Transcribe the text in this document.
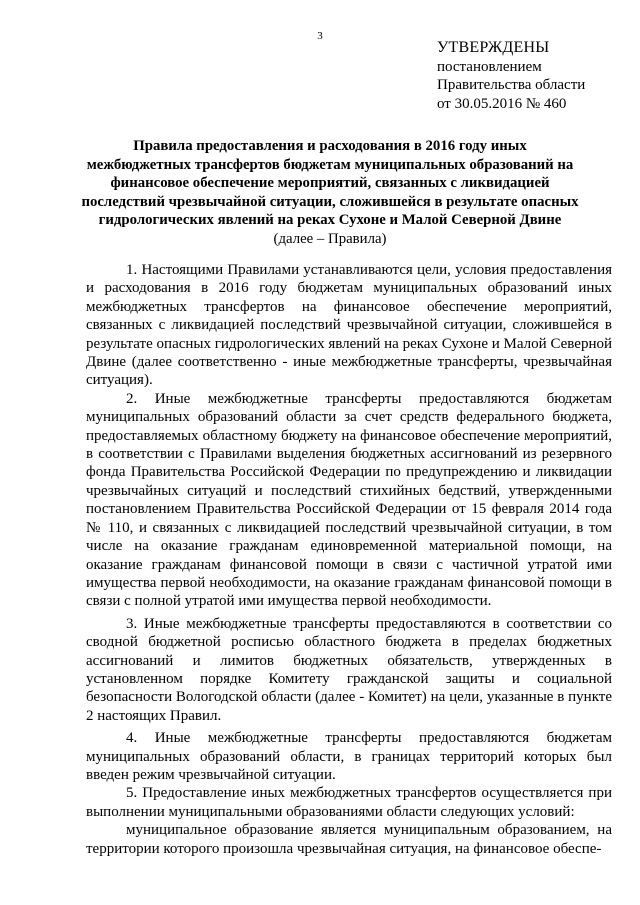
3
УТВЕРЖДЕНЫ
постановлением
Правительства области
от 30.05.2016 № 460
Правила предоставления и расходования в 2016 году иных
межбюджетных трансфертов бюджетам муниципальных образований на
финансовое обеспечение мероприятий, связанных с ликвидацией
последствий чрезвычайной ситуации, сложившейся в результате опасных
гидрологических явлений на реках Сухоне и Малой Северной Двине
(далее – Правила)

1. Настоящими Правилами устанавливаются цели, условия предоставления и расходования в 2016 году бюджетам муниципальных образований иных межбюджетных трансфертов на финансовое обеспечение мероприятий, связанных с ликвидацией последствий чрезвычайной ситуации, сложившейся в результате опасных гидрологических явлений на реках Сухоне и Малой Северной Двине (далее соответственно - иные межбюджетные трансферты, чрезвычайная ситуация).

2. Иные межбюджетные трансферты предоставляются бюджетам муниципальных образований области за счет средств федерального бюджета, предоставляемых областному бюджету на финансовое обеспечение мероприятий, в соответствии с Правилами выделения бюджетных ассигнований из резервного фонда Правительства Российской Федерации по предупреждению и ликвидации чрезвычайных ситуаций и последствий стихийных бедствий, утвержденными постановлением Правительства Российской Федерации от 15 февраля 2014 года № 110, и связанных с ликвидацией последствий чрезвычайной ситуации, в том числе на оказание гражданам единовременной материальной помощи, на оказание гражданам финансовой помощи в связи с частичной утратой ими имущества первой необходимости, на оказание гражданам финансовой помощи в связи с полной утратой ими имущества первой необходимости.

3. Иные межбюджетные трансферты предоставляются в соответствии со сводной бюджетной росписью областного бюджета в пределах бюджетных ассигнований и лимитов бюджетных обязательств, утвержденных в установленном порядке Комитету гражданской защиты и социальной безопасности Вологодской области (далее - Комитет) на цели, указанные в пункте 2 настоящих Правил.

4. Иные межбюджетные трансферты предоставляются бюджетам муниципальных образований области, в границах территорий которых был введен режим чрезвычайной ситуации.

5. Предоставление иных межбюджетных трансфертов осуществляется при выполнении муниципальными образованиями области следующих условий:

муниципальное образование является муниципальным образованием, на территории которого произошла чрезвычайная ситуация, на финансовое обеспе-
